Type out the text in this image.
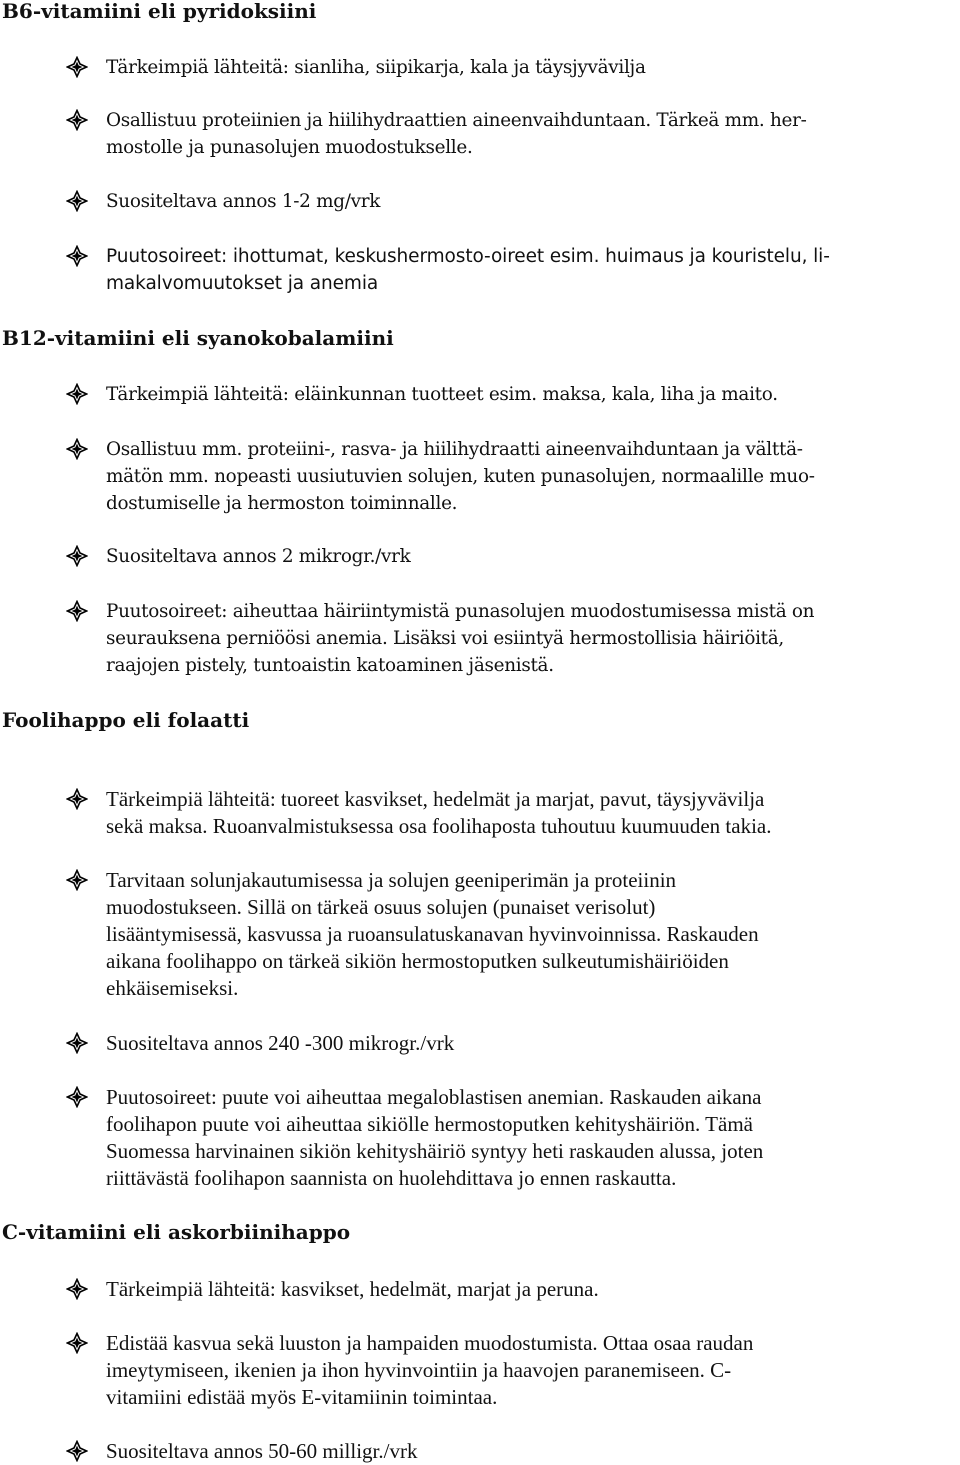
B6-vitamiini eli pyridoksiini
Tärkeimpiä lähteitä: sianliha, siipikarja, kala ja täysjyvävilja
Osallistuu proteiinien ja hiilihydraattien aineenvaihduntaan. Tärkeä mm. her-
mostolle ja punasolujen muodostukselle.
Suositeltava annos 1-2 mg/vrk
Puutosoireet: ihottumat, keskushermosto-oireet esim. huimaus ja kouristelu, li-
makalvomuutokset ja anemia
B12-vitamiini eli syanokobalamiini
Tärkeimpiä lähteitä: eläinkunnan tuotteet esim. maksa, kala, liha ja maito.
Osallistuu mm. proteiini-, rasva- ja hiilihydraatti aineenvaihduntaan ja välttä-
mätön mm. nopeasti uusiutuvien solujen, kuten punasolujen, normaalille muo-
dostumiselle ja hermoston toiminnalle.
Suositeltava annos 2 mikrogr./vrk
Puutosoireet: aiheuttaa häiriintymistä punasolujen muodostumisessa mistä on
seurauksena perniöösi anemia. Lisäksi voi esiintyä hermostollisia häiriöitä,
raajojen pistely, tuntoaistin katoaminen jäsenistä.
Foolihappo eli folaatti
Tärkeimpiä lähteitä: tuoreet kasvikset, hedelmät ja marjat, pavut, täysjyvävilja
sekä maksa. Ruoanvalmistuksessa osa foolihaposta tuhoutuu kuumuuden takia.
Tarvitaan solunjakautumisessa ja solujen geeniperimän ja proteiinin
muodostukseen. Sillä on tärkeä osuus solujen (punaiset verisolut)
lisääntymisessä, kasvussa ja ruoansulatuskanavan hyvinvoinnissa. Raskauden
aikana foolihappo on tärkeä sikiön hermostoputken sulkeutumishäiriöiden
ehkäisemiseksi.
Suositeltava annos 240 -300 mikrogr./vrk
Puutosoireet: puute voi aiheuttaa megaloblastisen anemian. Raskauden aikana
foolihapon puute voi aiheuttaa sikiölle hermostoputken kehityshäiriön. Tämä
Suomessa harvinainen sikiön kehityshäiriö syntyy heti raskauden alussa, joten
riittävästä foolihapon saannista on huolehdittava jo ennen raskautta.
C-vitamiini eli askorbiinihappo
Tärkeimpiä lähteitä: kasvikset, hedelmät, marjat ja peruna.
Edistää kasvua sekä luuston ja hampaiden muodostumista. Ottaa osaa raudan
imeytymiseen, ikenien ja ihon hyvinvointiin ja haavojen paranemiseen. C-
vitamiini edistää myös E-vitamiinin toimintaa.
Suositeltava annos 50-60 milligr./vrk
